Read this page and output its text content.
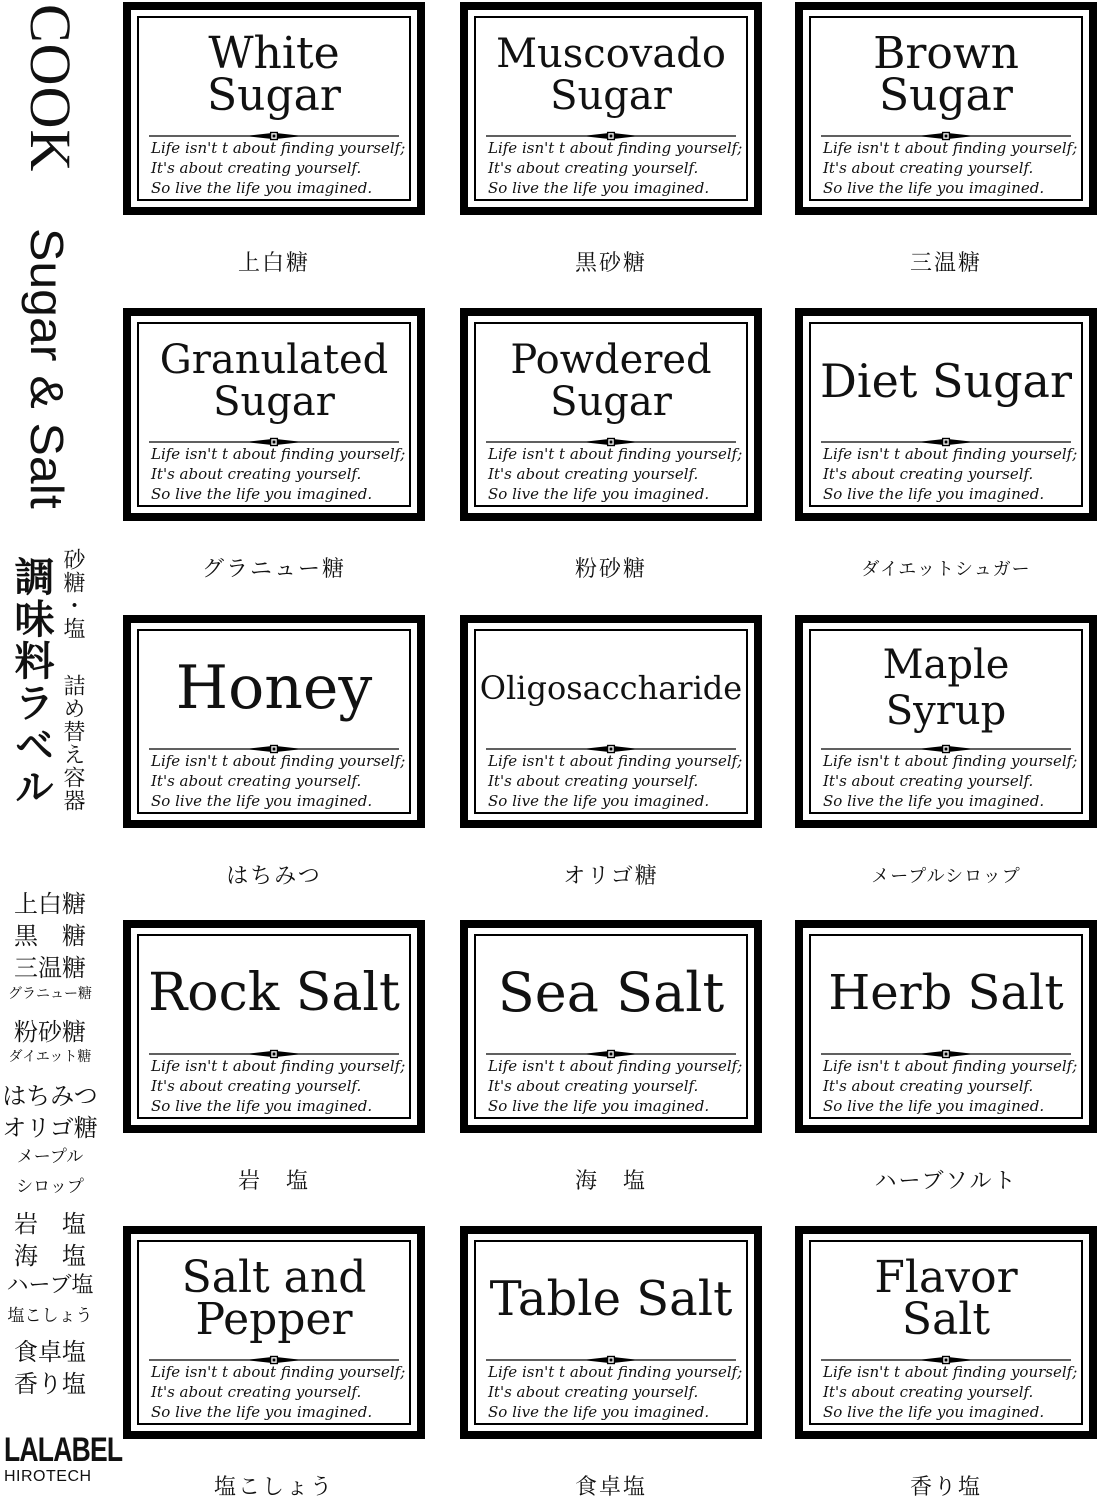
COOK
Sugar & Salt
調味料ラベル 砂糖・塩
詰め替え容器
上白糖
黒　糖
三温糖
グラニュー糖
粉砂糖
ダイエット糖
はちみつ
オリゴ糖
メープル
シロップ
岩　塩
海　塩
ハーブ塩
塩こしょう
食卓塩
香り塩
LALABEL
HIROTECH
White
Sugar
Life isn't t about finding yourself;
It's about creating yourself.
So live the life you imagined.
上白糖
Muscovado
Sugar
Life isn't t about finding yourself;
It's about creating yourself.
So live the life you imagined.
黒砂糖
Brown
Sugar
Life isn't t about finding yourself;
It's about creating yourself.
So live the life you imagined.
三温糖
Granulated
Sugar
Life isn't t about finding yourself;
It's about creating yourself.
So live the life you imagined.
グラニュー糖
Powdered
Sugar
Life isn't t about finding yourself;
It's about creating yourself.
So live the life you imagined.
粉砂糖
Diet Sugar
Life isn't t about finding yourself;
It's about creating yourself.
So live the life you imagined.
ダイエットシュガー
Honey
Life isn't t about finding yourself;
It's about creating yourself.
So live the life you imagined.
はちみつ
Oligosaccharide
Life isn't t about finding yourself;
It's about creating yourself.
So live the life you imagined.
オリゴ糖
Maple Syrup
Life isn't t about finding yourself;
It's about creating yourself.
So live the life you imagined.
メープルシロップ
Rock Salt
Life isn't t about finding yourself;
It's about creating yourself.
So live the life you imagined.
岩　塩
Sea Salt
Life isn't t about finding yourself;
It's about creating yourself.
So live the life you imagined.
海　塩
Herb Salt
Life isn't t about finding yourself;
It's about creating yourself.
So live the life you imagined.
ハーブソルト
Salt and
Pepper
Life isn't t about finding yourself;
It's about creating yourself.
So live the life you imagined.
塩こしょう
Table Salt
Life isn't t about finding yourself;
It's about creating yourself.
So live the life you imagined.
食卓塩
Flavor
Salt
Life isn't t about finding yourself;
It's about creating yourself.
So live the life you imagined.
香り塩
